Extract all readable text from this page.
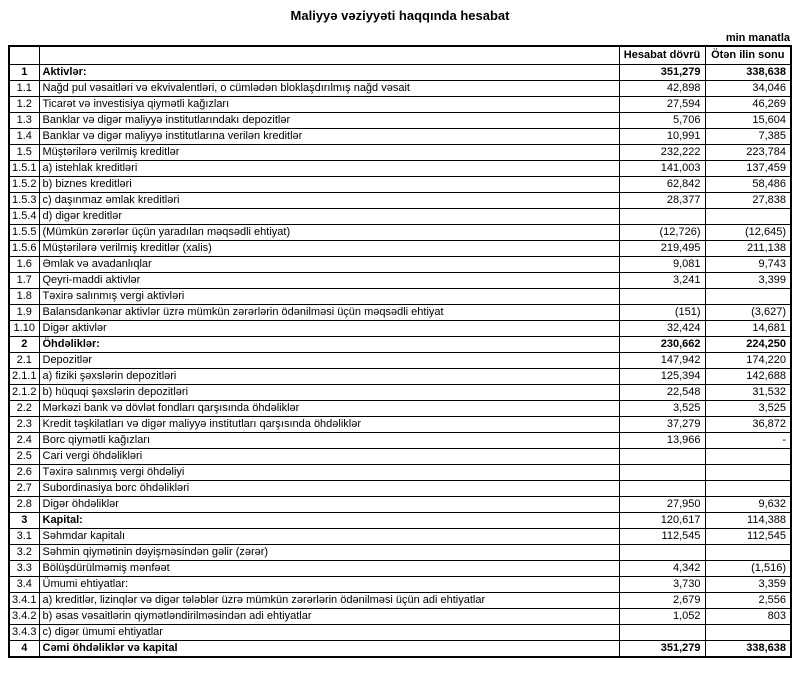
Maliyyə vəziyyəti haqqında hesabat
min manatla
		Hesabat dövrü	Ötən ilin sonu
1	Aktivlər:	351,279	338,638
1.1	Nağd pul vəsaitləri və ekvivalentləri, o cümlədən bloklaşdırılmış nağd vəsait	42,898	34,046
1.2	Ticarət və investisiya qiymətli kağızları	27,594	46,269
1.3	Banklar və digər maliyyə institutlarındakı depozitlər	5,706	15,604
1.4	Banklar və digər maliyyə institutlarına verilən kreditlər	10,991	7,385
1.5	Müştərilərə verilmiş kreditlər	232,222	223,784
1.5.1	a) istehlak kreditləri	141,003	137,459
1.5.2	b) biznes kreditləri	62,842	58,486
1.5.3	c) daşınmaz əmlak kreditləri	28,377	27,838
1.5.4	d) digər kreditlər		
1.5.5	(Mümkün zərərlər üçün yaradılan məqsədli ehtiyat)	(12,726)	(12,645)
1.5.6	Müştərilərə verilmiş kreditlər (xalis)	219,495	211,138
1.6	Əmlak və avadanlıqlar	9,081	9,743
1.7	Qeyri-maddi aktivlər	3,241	3,399
1.8	Təxirə salınmış vergi aktivləri		
1.9	Balansdankənar aktivlər üzrə mümkün zərərlərin ödənilməsi üçün məqsədli ehtiyat	(151)	(3,627)
1.10	Digər aktivlər	32,424	14,681
2	Öhdəliklər:	230,662	224,250
2.1	Depozitlər	147,942	174,220
2.1.1	a) fiziki şəxslərin depozitləri	125,394	142,688
2.1.2	b) hüquqi şəxslərin depozitləri	22,548	31,532
2.2	Mərkəzi bank və dövlət fondları qarşısında öhdəliklər	3,525	3,525
2.3	Kredit təşkilatları və digər maliyyə institutları qarşısında öhdəliklər	37,279	36,872
2.4	Borc qiymətli kağızları	13,966	-
2.5	Cari vergi öhdəlikləri		
2.6	Təxirə salınmış vergi öhdəliyi		
2.7	Subordinasiya borc öhdəlikləri		
2.8	Digər öhdəliklər	27,950	9,632
3	Kapital:	120,617	114,388
3.1	Səhmdar kapitalı	112,545	112,545
3.2	Səhmin qiymətinin dəyişməsindən gəlir (zərər)		
3.3	Bölüşdürülməmiş mənfəət	4,342	(1,516)
3.4	Ümumi ehtiyatlar:	3,730	3,359
3.4.1	a) kreditlər, lizinqlər və digər tələblər üzrə mümkün zərərlərin ödənilməsi üçün adi ehtiyatlar	2,679	2,556
3.4.2	b) əsas vəsaitlərin qiymətləndirilməsindən adi ehtiyatlar	1,052	803
3.4.3	c) digər ümumi ehtiyatlar		
4	Cəmi öhdəliklər və kapital	351,279	338,638
